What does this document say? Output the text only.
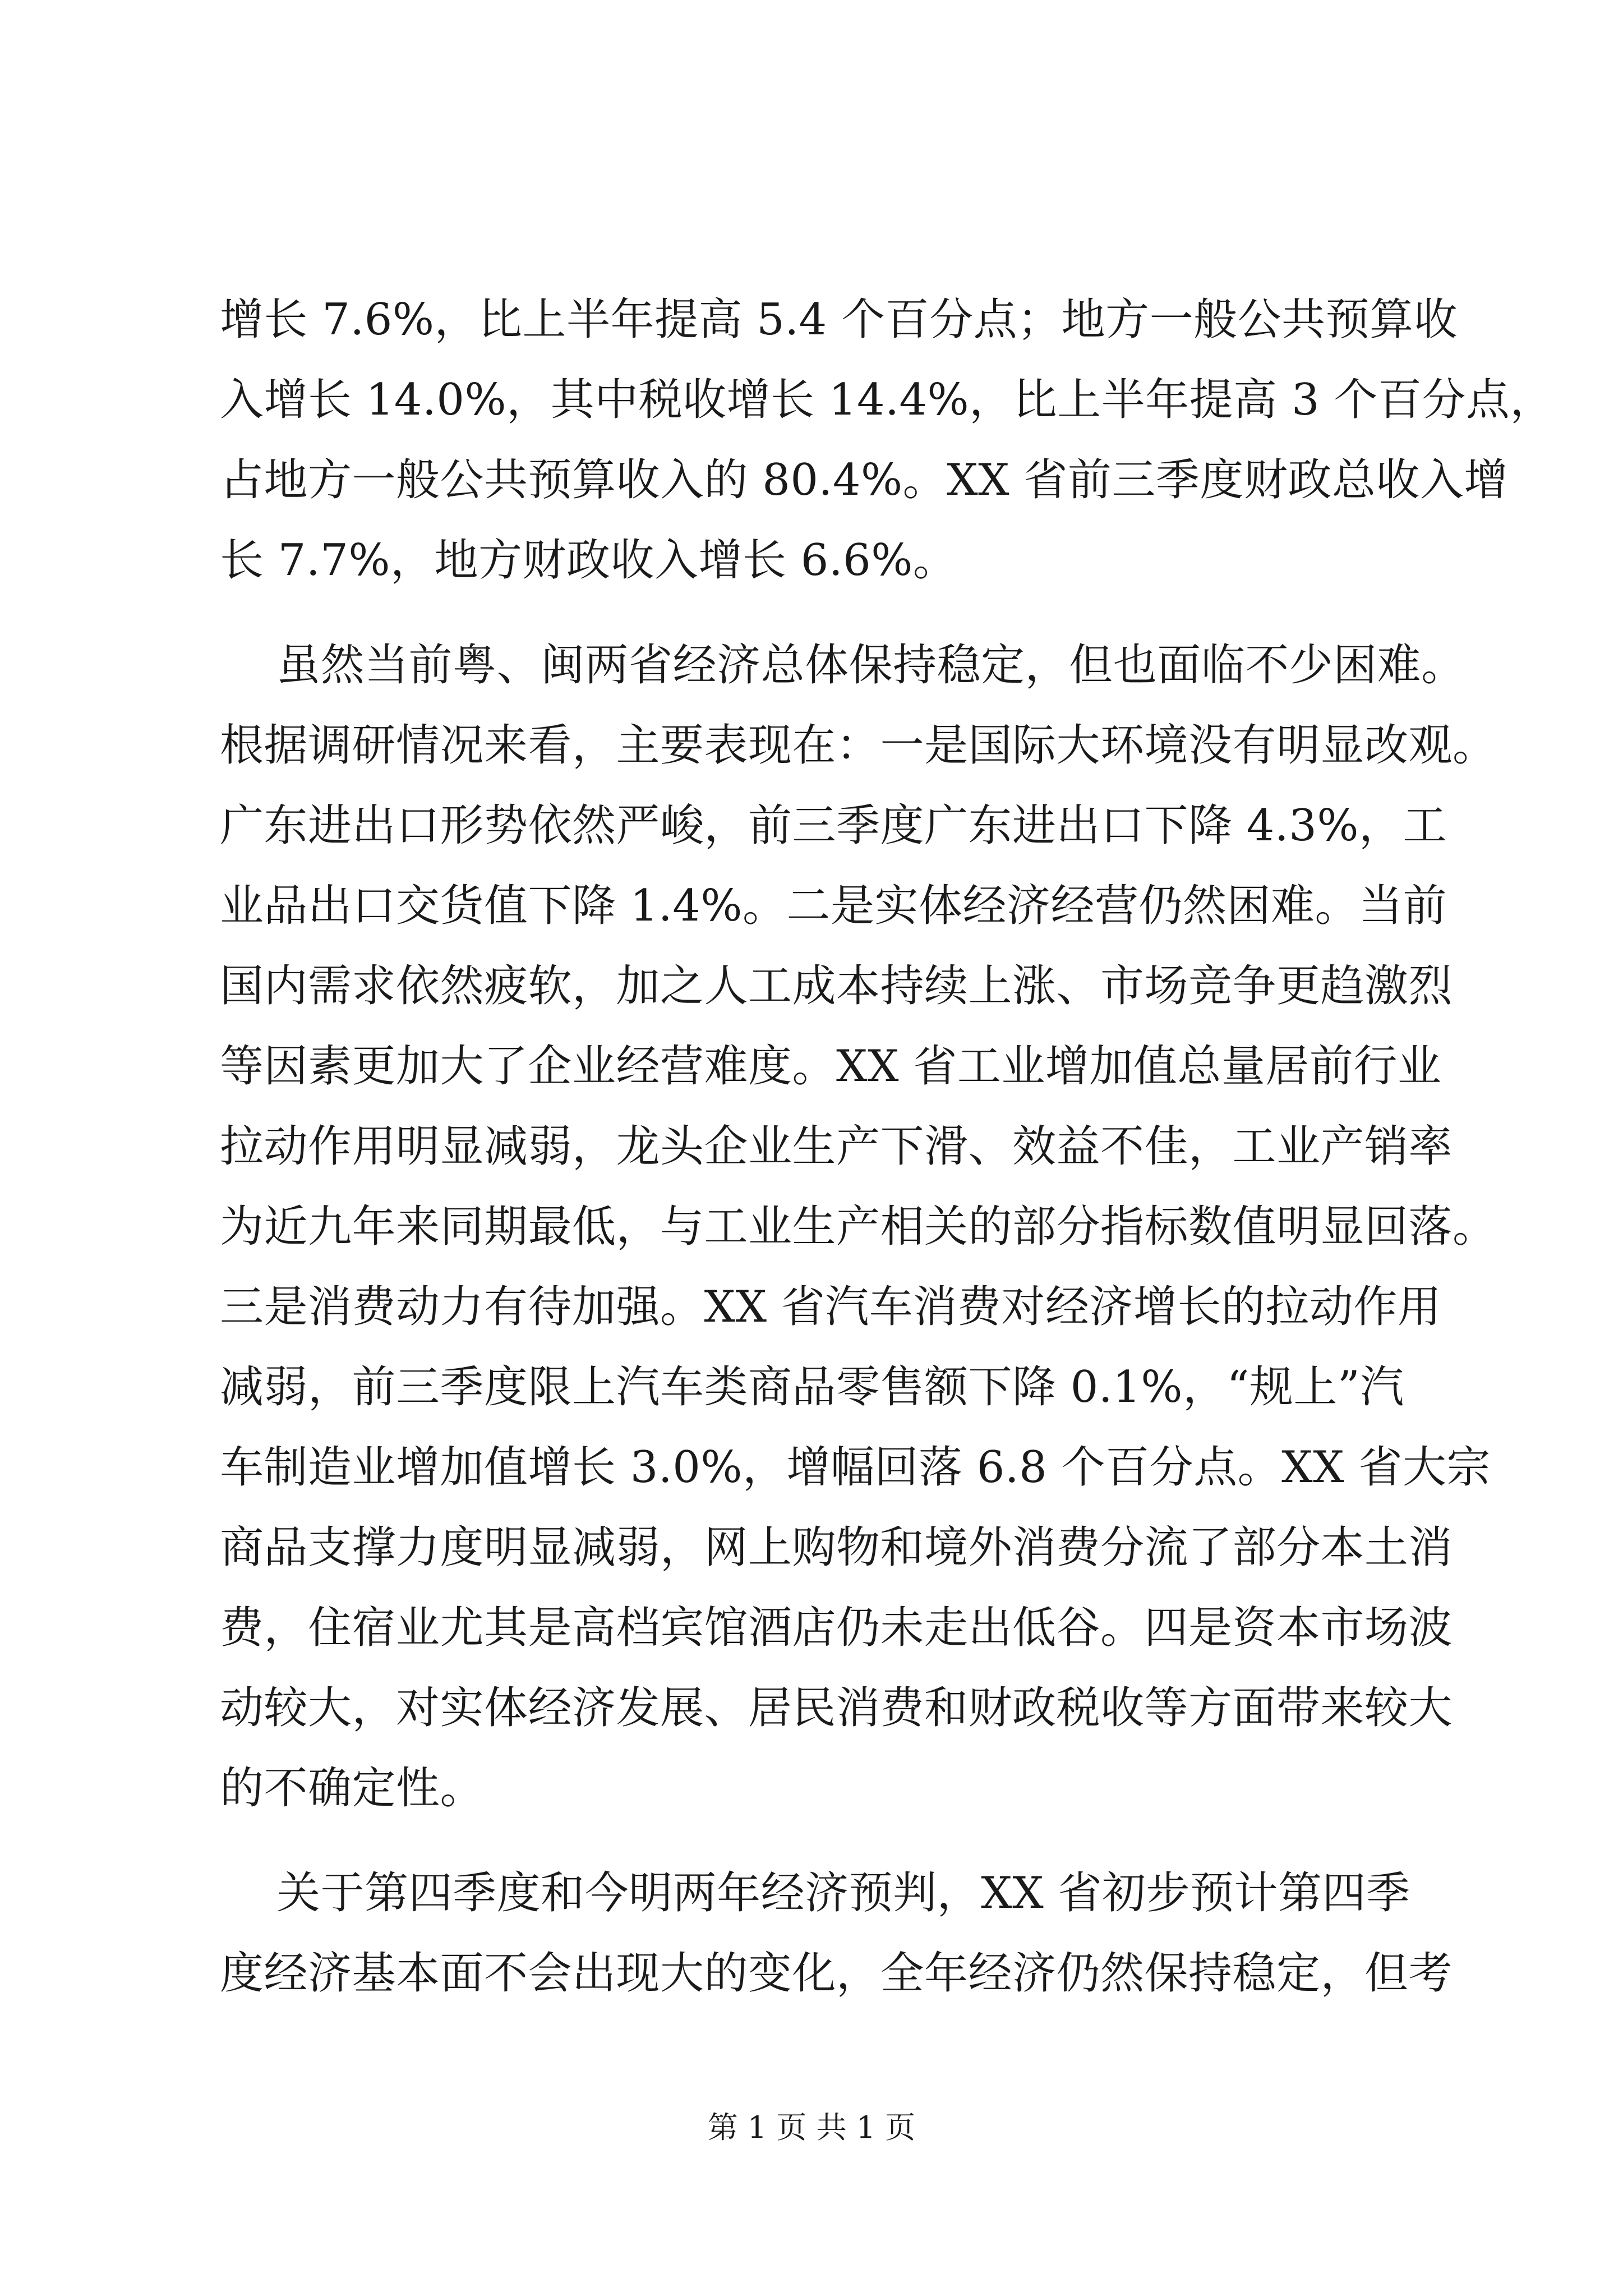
增长 7.6%，比上半年提高 5.4 个百分点；地方一般公共预算收
入增长 14.0%，其中税收增长 14.4%，比上半年提高 3 个百分点，
占地方一般公共预算收入的 80.4%。XX 省前三季度财政总收入增
长 7.7%，地方财政收入增长 6.6%。
虽然当前粤、闽两省经济总体保持稳定，但也面临不少困难。
根据调研情况来看，主要表现在：一是国际大环境没有明显改观。
广东进出口形势依然严峻，前三季度广东进出口下降 4.3%，工
业品出口交货值下降 1.4%。二是实体经济经营仍然困难。当前
国内需求依然疲软，加之人工成本持续上涨、市场竞争更趋激烈
等因素更加大了企业经营难度。XX 省工业增加值总量居前行业
拉动作用明显减弱，龙头企业生产下滑、效益不佳，工业产销率
为近九年来同期最低，与工业生产相关的部分指标数值明显回落。
三是消费动力有待加强。XX 省汽车消费对经济增长的拉动作用
减弱，前三季度限上汽车类商品零售额下降 0.1%，“规上”汽
车制造业增加值增长 3.0%，增幅回落 6.8 个百分点。XX 省大宗
商品支撑力度明显减弱，网上购物和境外消费分流了部分本土消
费，住宿业尤其是高档宾馆酒店仍未走出低谷。四是资本市场波
动较大，对实体经济发展、居民消费和财政税收等方面带来较大
的不确定性。
关于第四季度和今明两年经济预判，XX 省初步预计第四季
度经济基本面不会出现大的变化，全年经济仍然保持稳定，但考
第 1 页 共 1 页
